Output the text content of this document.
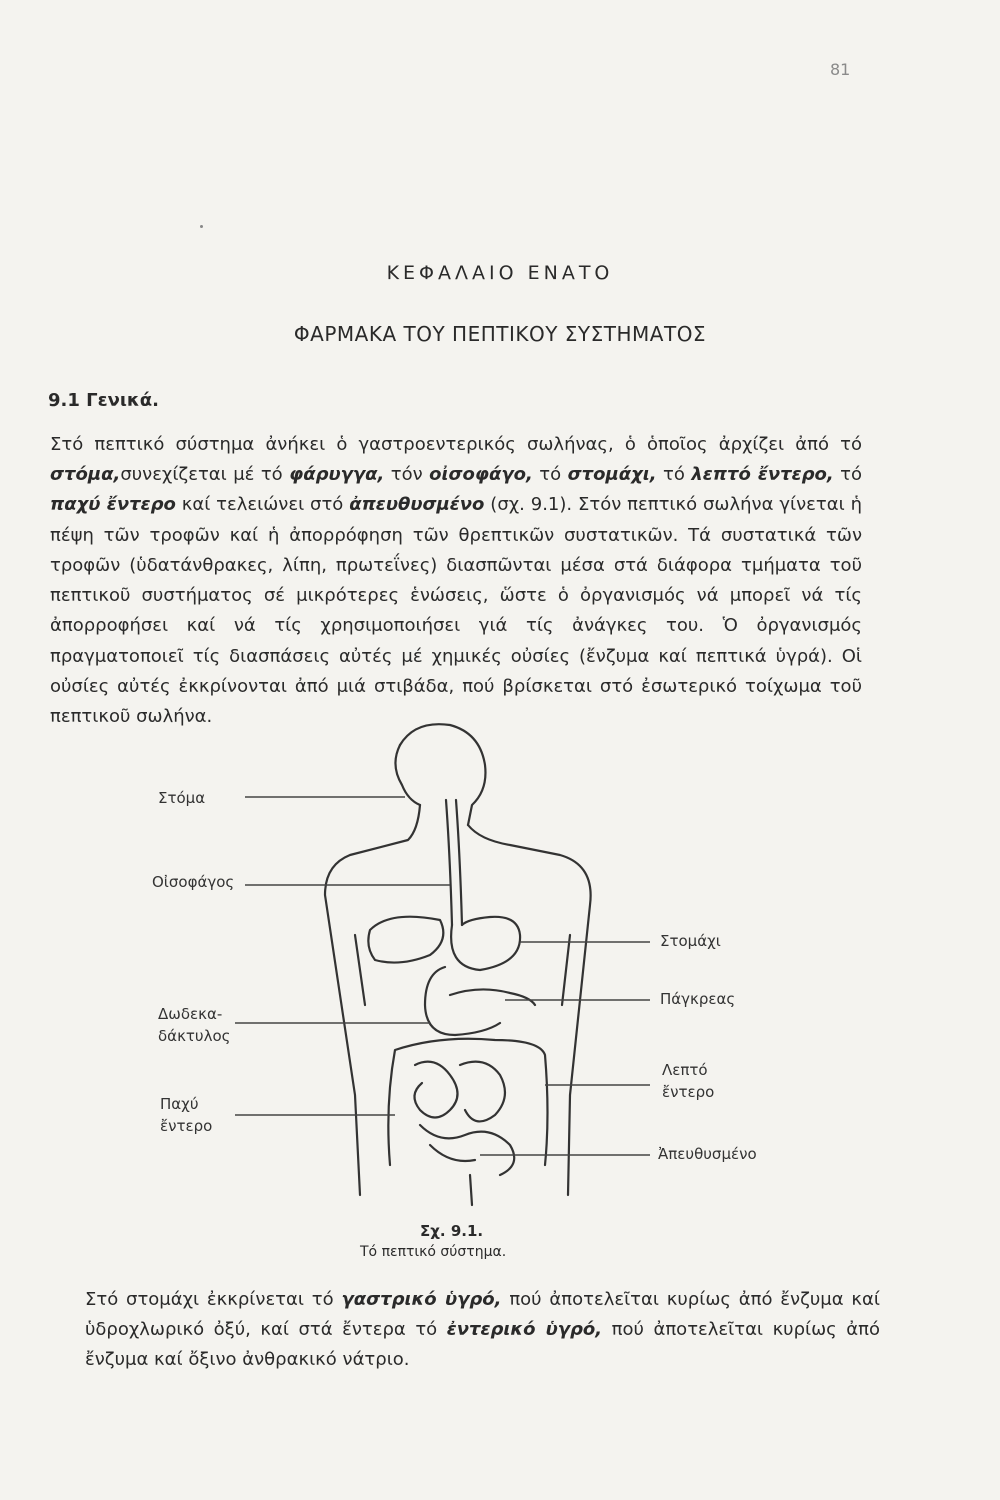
81
ΚΕΦΑΛΑΙΟ ΕΝΑΤΟ
ΦΑΡΜΑΚΑ ΤΟΥ ΠΕΠΤΙΚΟΥ ΣΥΣΤΗΜΑΤΟΣ
9.1 Γενικά.

Στό πεπτικό σύστημα ἀνήκει ὁ γαστροεντερικός σωλήνας, ὁ ὁποῖος ἀρχίζει ἀπό τό στόμα,συνεχίζεται μέ τό φάρυγγα, τόν οἰσοφάγο, τό στομάχι, τό λεπτό ἔντερο, τό παχύ ἔντερο καί τελειώνει στό ἀπευθυσμένο (σχ. 9.1). Στόν πεπτικό σωλήνα γίνεται ἡ πέψη τῶν τροφῶν καί ἡ ἀπορρόφηση τῶν θρεπτικῶν συστατικῶν. Τά συστατικά τῶν τροφῶν (ὑδατάνθρακες, λίπη, πρωτεΐνες) διασπῶνται μέσα στά διάφορα τμήματα τοῦ πεπτικοῦ συστήματος σέ μικρότερες ἑνώσεις, ὥστε ὁ ὀργανισμός νά μπορεῖ νά τίς ἀπορροφήσει καί νά τίς χρησιμοποιήσει γιά τίς ἀνάγκες του. Ὁ ὀργανισμός πραγματοποιεῖ τίς διασπάσεις αὐτές μέ χημικές οὐσίες (ἔνζυμα καί πεπτικά ὑγρά). Οἱ οὐσίες αὐτές ἐκκρίνονται ἀπό μιά στιβάδα, πού βρίσκεται στό ἐσωτερικό τοίχωμα τοῦ πεπτικοῦ σωλήνα.

Στόμα
Οἰσοφάγος
Δωδεκα-
δάκτυλος
Παχύ
ἔντερο
Στομάχι
Πάγκρεας
Λεπτό
ἔντερο
Ἀπευθυσμένο
Σχ. 9.1.
Τό πεπτικό σύστημα.

Στό στομάχι ἐκκρίνεται τό γαστρικό ὑγρό, πού ἀποτελεῖται κυρίως ἀπό ἔνζυμα καί ὑδροχλωρικό ὀξύ, καί στά ἔντερα τό ἐντερικό ὑγρό, πού ἀποτελεῖται κυρίως ἀπό ἔνζυμα καί ὄξινο ἀνθρακικό νάτριο.
